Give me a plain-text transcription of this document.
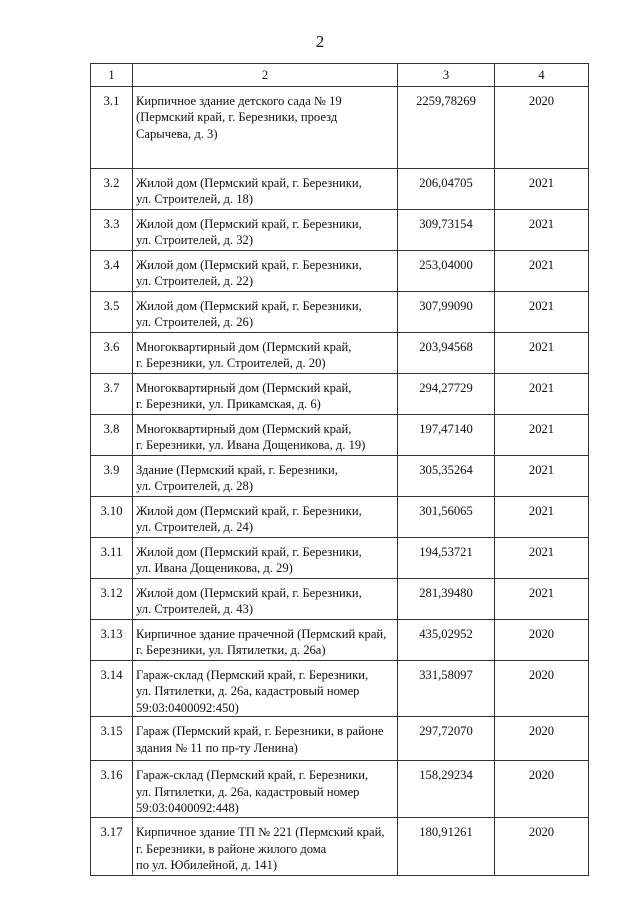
2
1	2	3	4
3.1	Кирпичное здание детского сада № 19
(Пермский край, г. Березники, проезд
Сарычева, д. 3)	2259,78269	2020
3.2	Жилой дом (Пермский край, г. Березники,
ул. Строителей, д. 18)	206,04705	2021
3.3	Жилой дом (Пермский край, г. Березники,
ул. Строителей, д. 32)	309,73154	2021
3.4	Жилой дом (Пермский край, г. Березники,
ул. Строителей, д. 22)	253,04000	2021
3.5	Жилой дом (Пермский край, г. Березники,
ул. Строителей, д. 26)	307,99090	2021
3.6	Многоквартирный дом (Пермский край,
г. Березники, ул. Строителей, д. 20)	203,94568	2021
3.7	Многоквартирный дом (Пермский край,
г. Березники, ул. Прикамская, д. 6)	294,27729	2021
3.8	Многоквартирный дом (Пермский край,
г. Березники, ул. Ивана Дощеникова, д. 19)	197,47140	2021
3.9	Здание (Пермский край, г. Березники,
ул. Строителей, д. 28)	305,35264	2021
3.10	Жилой дом (Пермский край, г. Березники,
ул. Строителей, д. 24)	301,56065	2021
3.11	Жилой дом (Пермский край, г. Березники,
ул. Ивана Дощеникова, д. 29)	194,53721	2021
3.12	Жилой дом (Пермский край, г. Березники,
ул. Строителей, д. 43)	281,39480	2021
3.13	Кирпичное здание прачечной (Пермский край,
г. Березники, ул. Пятилетки, д. 26а)	435,02952	2020
3.14	Гараж-склад (Пермский край, г. Березники,
ул. Пятилетки, д. 26а, кадастровый номер
59:03:0400092:450)	331,58097	2020
3.15	Гараж (Пермский край, г. Березники, в районе
здания № 11 по пр-ту Ленина)	297,72070	2020
3.16	Гараж-склад (Пермский край, г. Березники,
ул. Пятилетки, д. 26а, кадастровый номер
59:03:0400092:448)	158,29234	2020
3.17	Кирпичное здание ТП № 221 (Пермский край,
г. Березники, в районе жилого дома
по ул. Юбилейной, д. 141)	180,91261	2020
